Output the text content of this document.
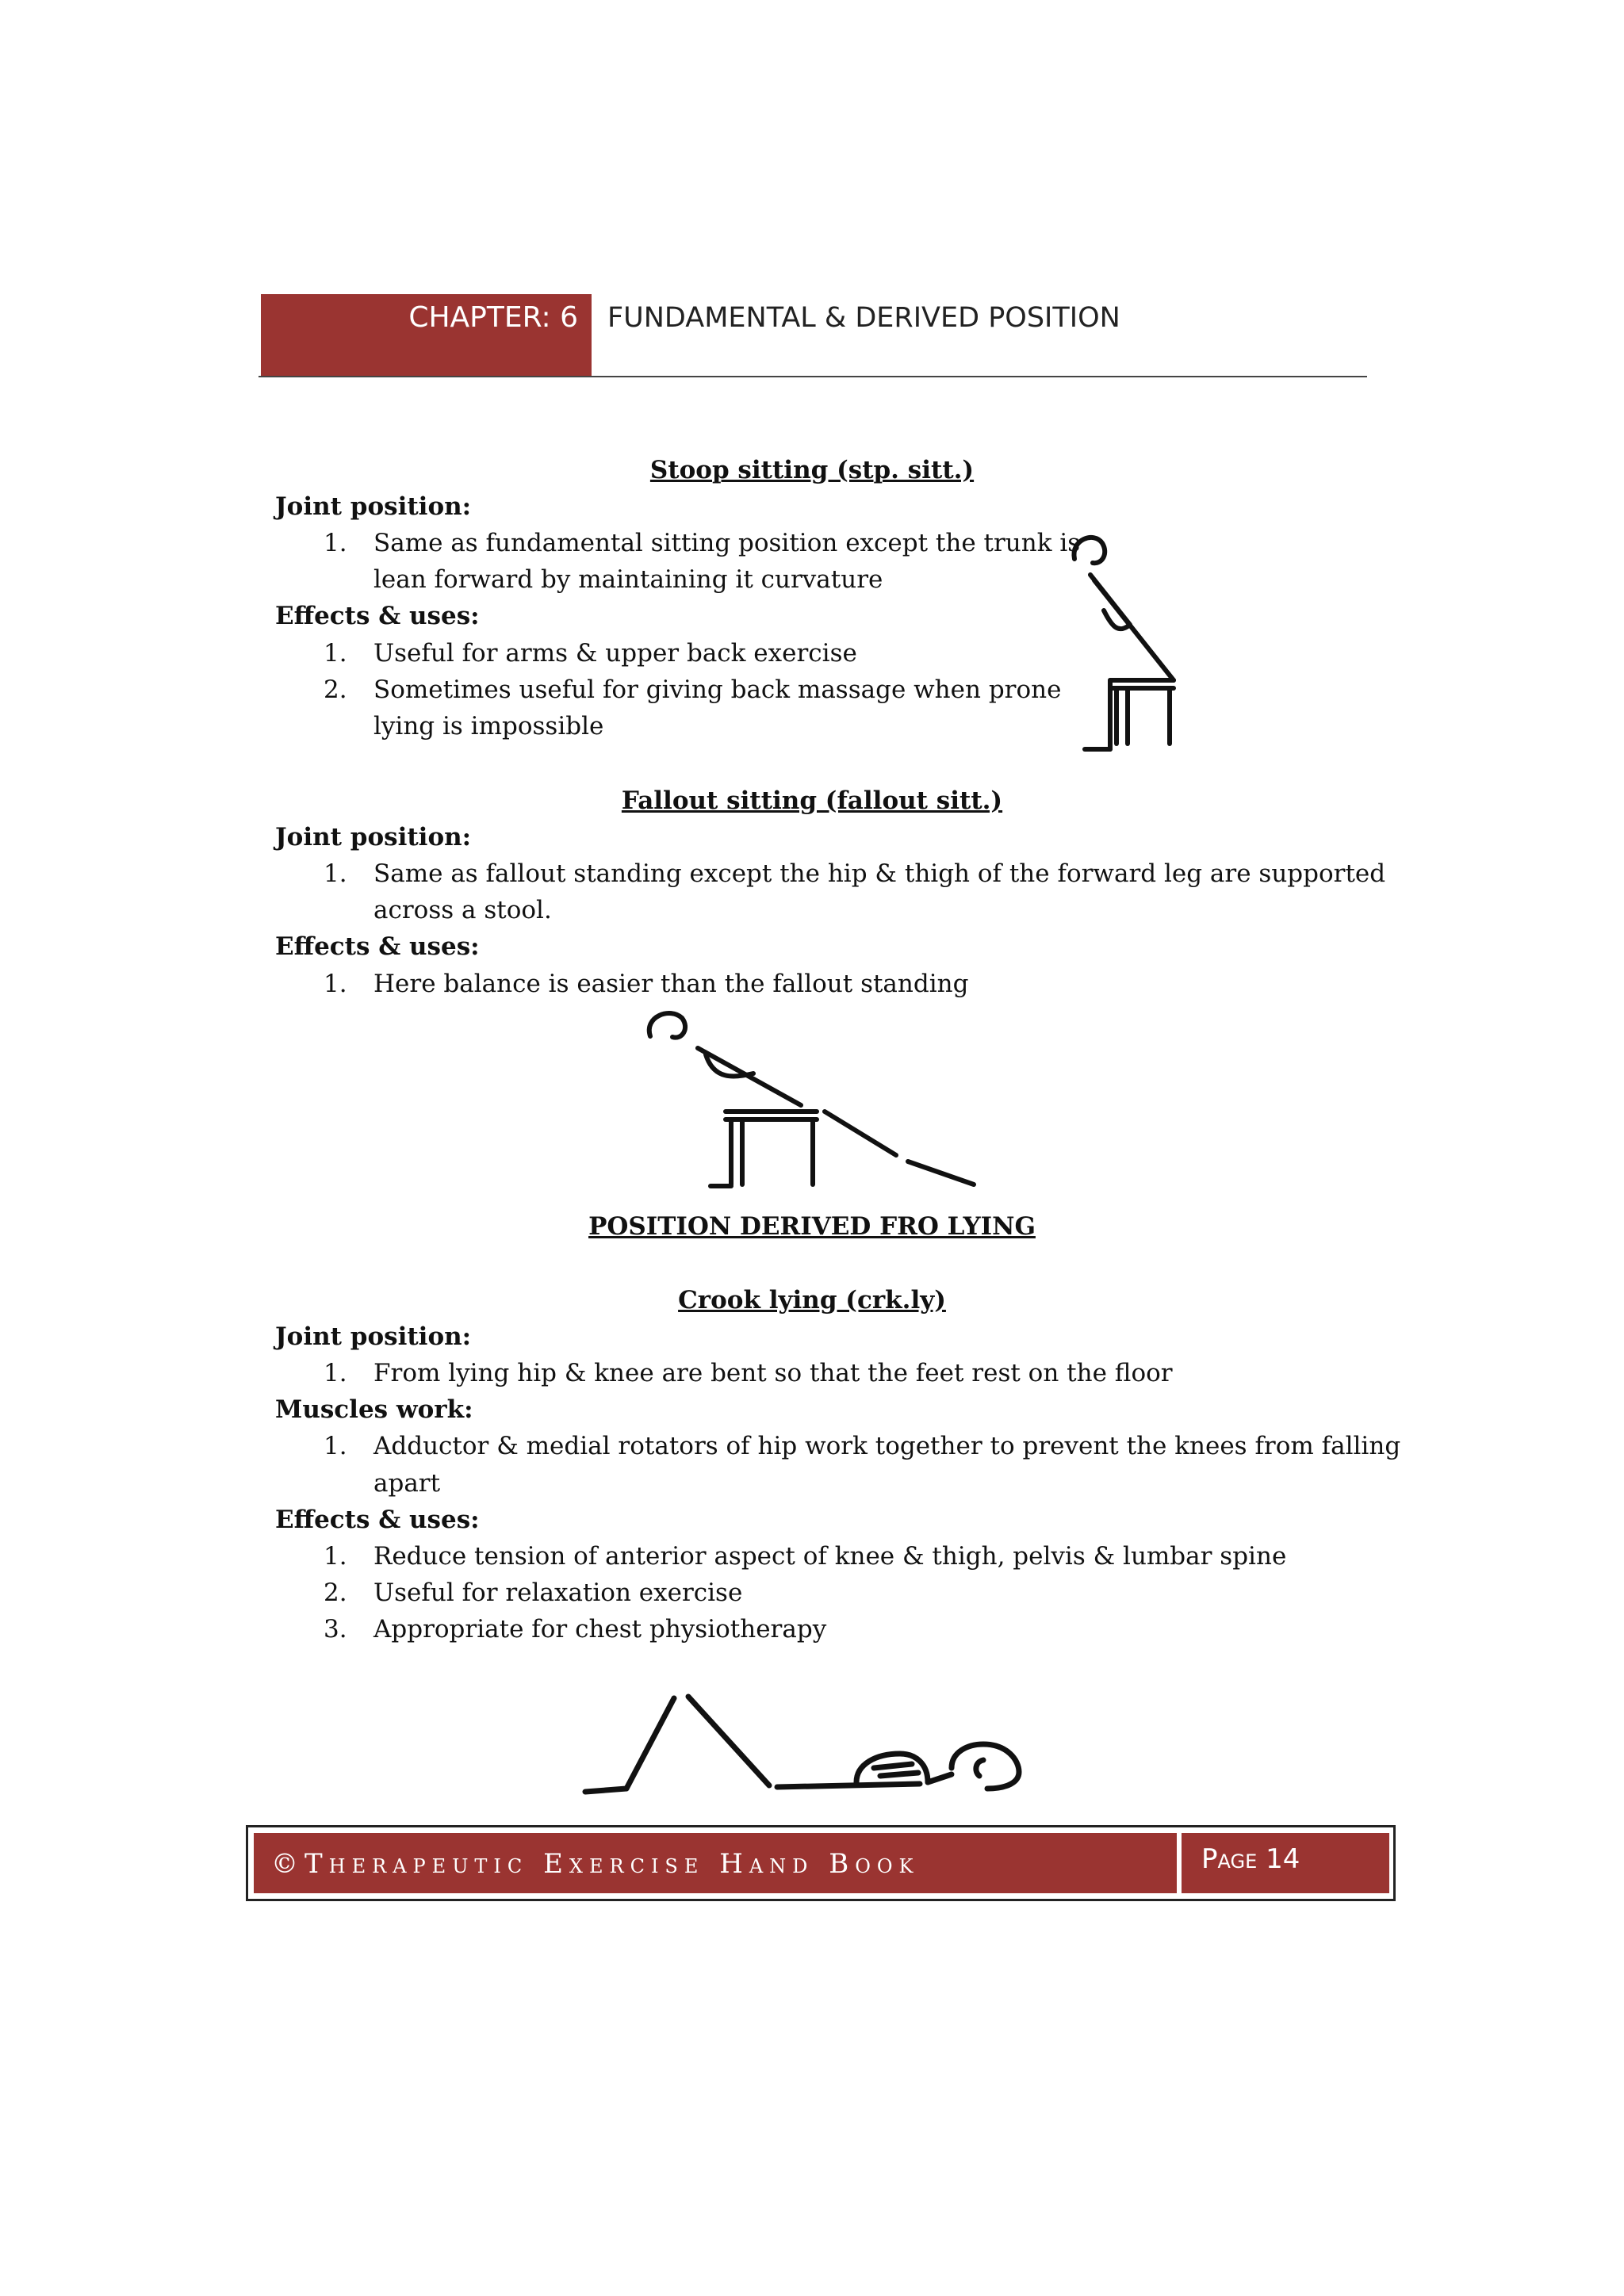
CHAPTER: 6 FUNDAMENTAL & DERIVED POSITION
Stoop sitting (stp. sitt.)
Joint position:
1. Same as fundamental sitting position except the trunk is
lean forward by maintaining it curvature
Effects & uses:
1. Useful for arms & upper back exercise
2. Sometimes useful for giving back massage when prone
lying is impossible
Fallout sitting (fallout sitt.)
Joint position:
1. Same as fallout standing except the hip & thigh of the forward leg are supported
across a stool.
Effects & uses:
1. Here balance is easier than the fallout standing
POSITION DERIVED FRO LYING
Crook lying (crk.ly)
Joint position:
1. From lying hip & knee are bent so that the feet rest on the floor
Muscles work:
1. Adductor & medial rotators of hip work together to prevent the knees from falling
apart
Effects & uses:
1. Reduce tension of anterior aspect of knee & thigh, pelvis & lumbar spine
2. Useful for relaxation exercise
3. Appropriate for chest physiotherapy
©Therapeutic Exercise Hand Book	Page 14
